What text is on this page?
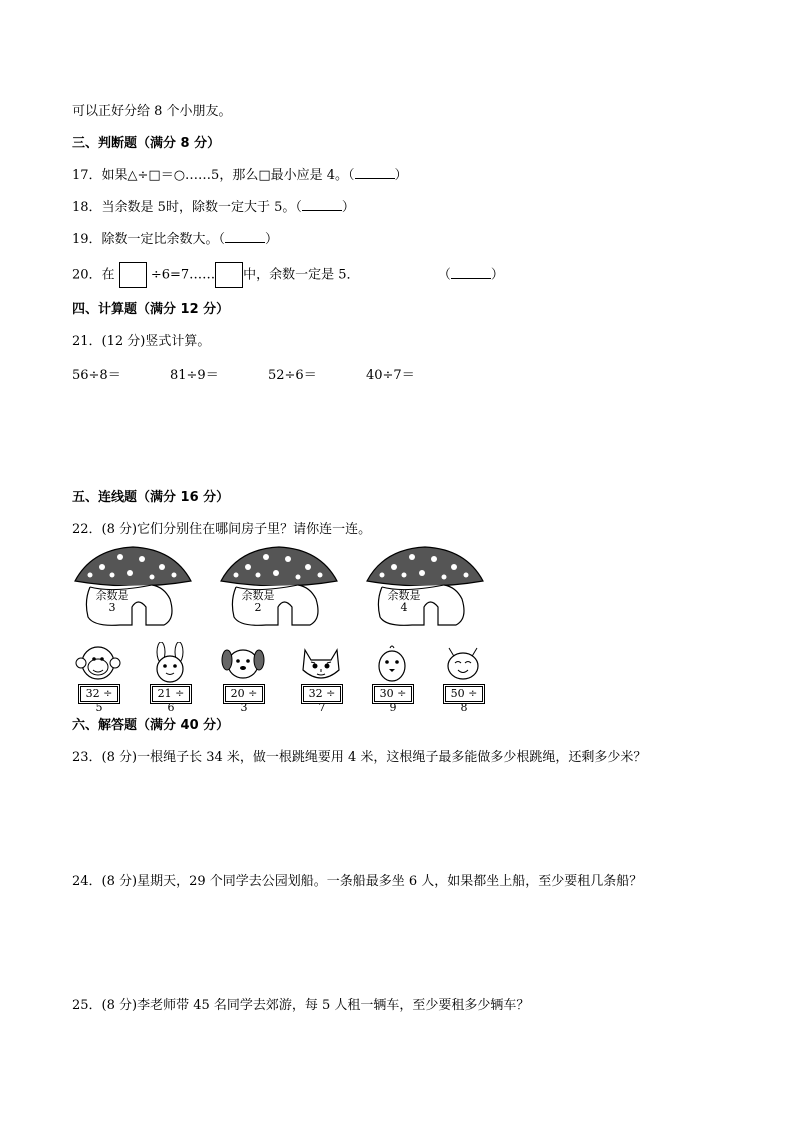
可以正好分给 8 个小朋友。
三、判断题（满分 8 分）
17．如果△÷□＝○……5，那么□最小应是 4。（	）
18．当余数是 5时，除数一定大于 5。（	）
19．除数一定比余数大。（	）
20．在	÷6=7…… 中，余数一定是 5．	（	）
四、计算题（满分 12 分）
21．(12 分)竖式计算。
56÷8＝	81÷9＝	52÷6＝	40÷7＝
五、连线题（满分 16 分）
22．(8 分)它们分别住在哪间房子里？请你连一连。
余数是
3
余数是
2
余数是
4
32 ÷ 5
21 ÷ 6
20 ÷ 3
32 ÷ 7
30 ÷ 9
50 ÷ 8
六、解答题（满分 40 分）
23．(8 分)一根绳子长 34 米，做一根跳绳要用 4 米，这根绳子最多能做多少根跳绳，还剩多少米？
24．(8 分)星期天，29 个同学去公园划船。一条船最多坐 6 人，如果都坐上船，至少要租几条船？
25．(8 分)李老师带 45 名同学去郊游，每 5 人租一辆车，至少要租多少辆车？
